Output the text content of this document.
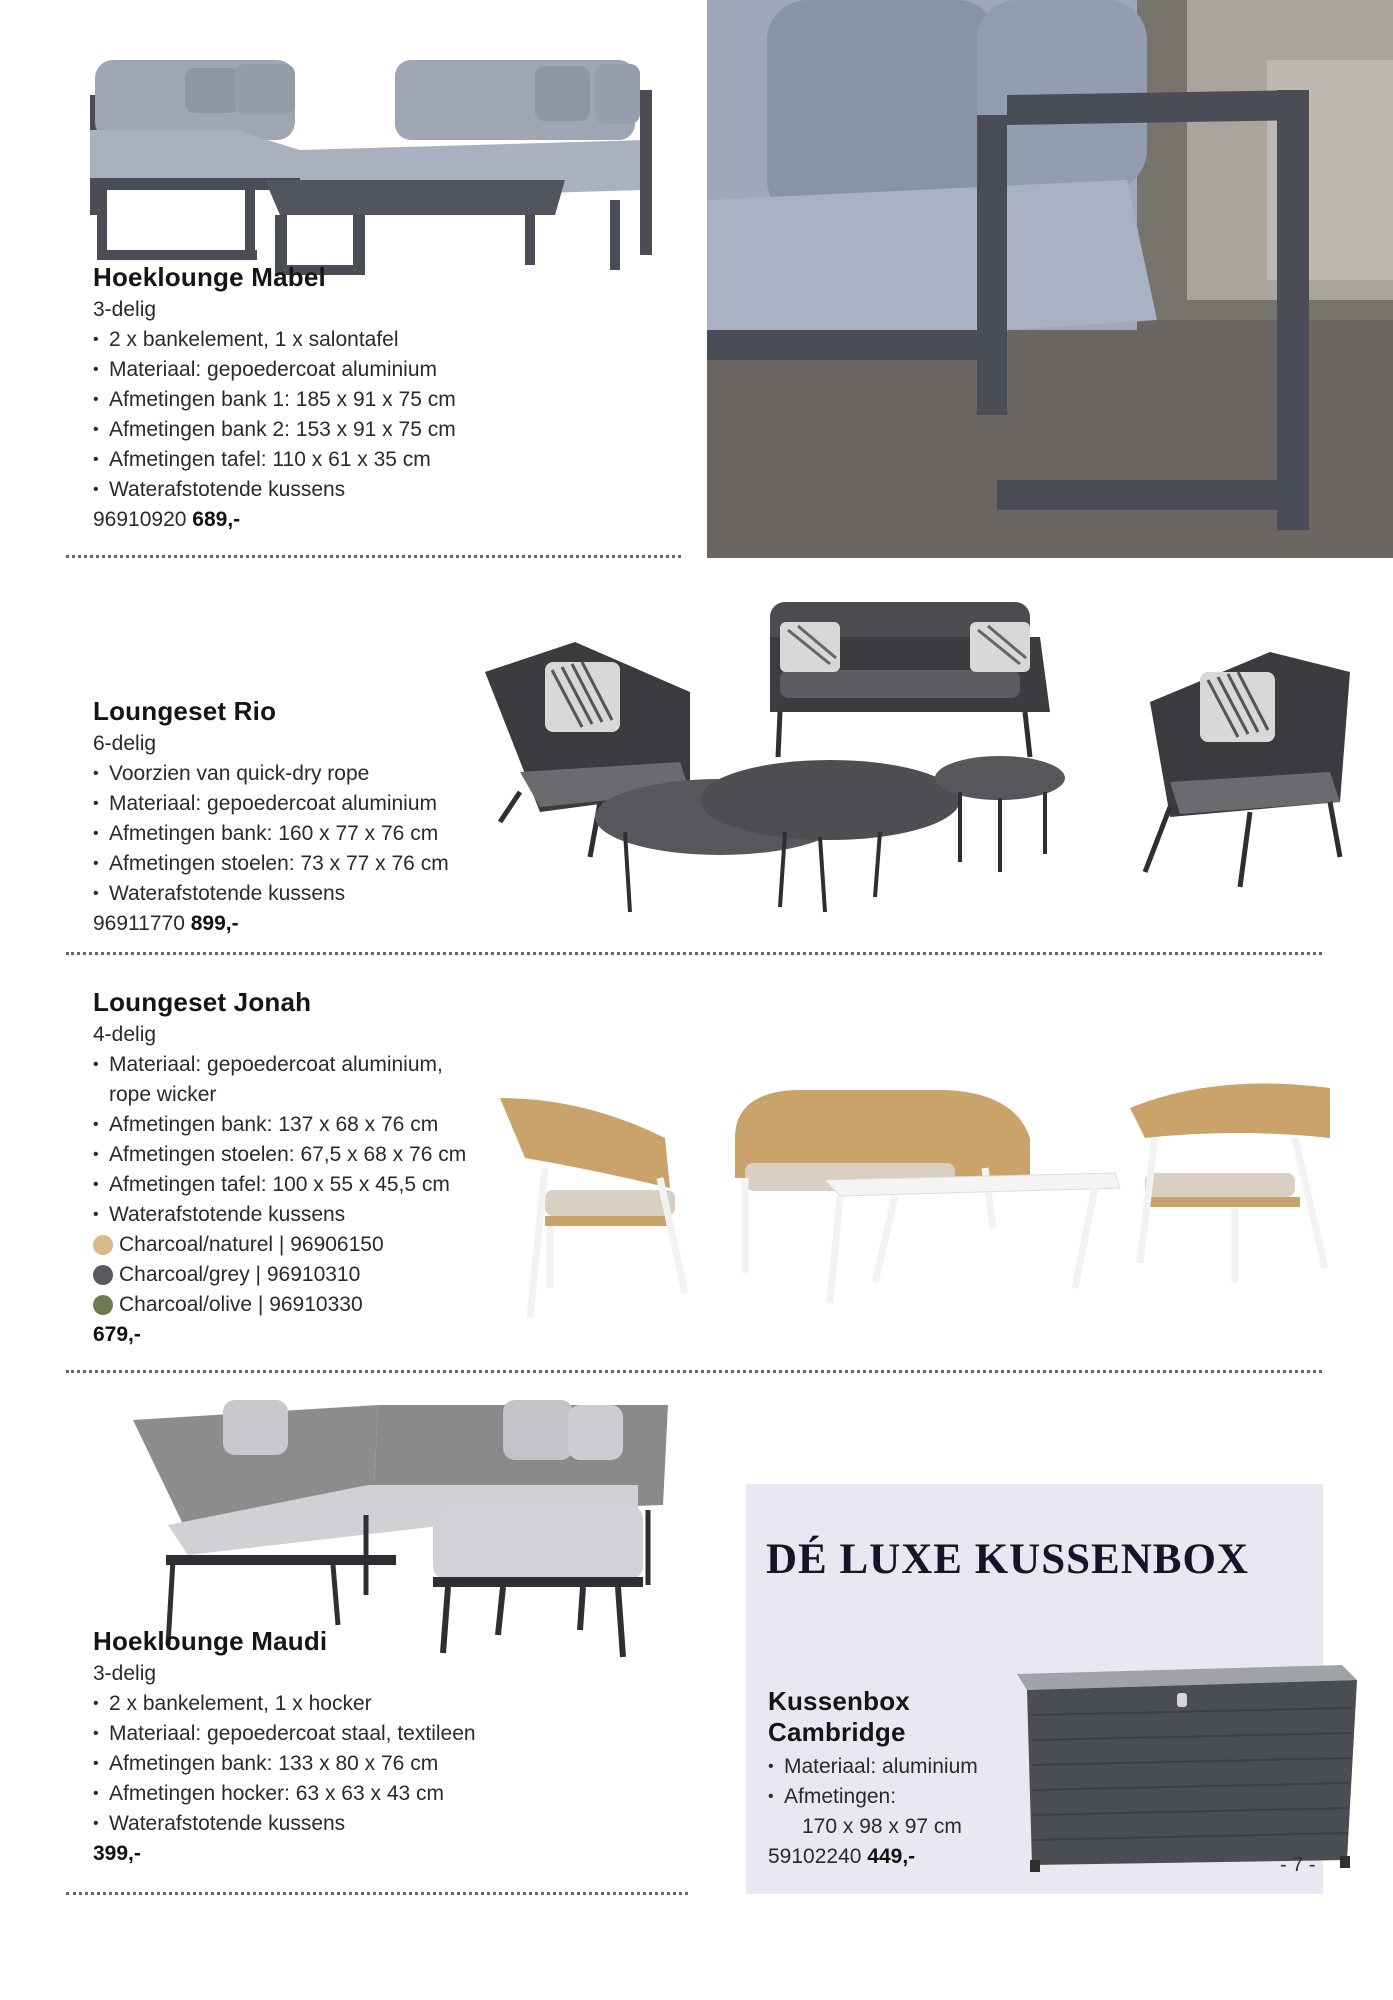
Hoeklounge Mabel
3-delig
• 2 x bankelement, 1 x salontafel
• Materiaal: gepoedercoat aluminium
• Afmetingen bank 1: 185 x 91 x 75 cm
• Afmetingen bank 2: 153 x 91 x 75 cm
• Afmetingen tafel: 110 x 61 x 35 cm
• Waterafstotende kussens
96910920 689,-
Loungeset Rio
6-delig
• Voorzien van quick-dry rope
• Materiaal: gepoedercoat aluminium
• Afmetingen bank: 160 x 77 x 76 cm
• Afmetingen stoelen: 73 x 77 x 76 cm
• Waterafstotende kussens
96911770 899,-
Loungeset Jonah
4-delig
• Materiaal: gepoedercoat aluminium,
rope wicker
• Afmetingen bank: 137 x 68 x 76 cm
• Afmetingen stoelen: 67,5 x 68 x 76 cm
• Afmetingen tafel: 100 x 55 x 45,5 cm
• Waterafstotende kussens
Charcoal/naturel | 96906150
Charcoal/grey | 96910310
Charcoal/olive | 96910330
679,-
Hoeklounge Maudi
3-delig
• 2 x bankelement, 1 x hocker
• Materiaal: gepoedercoat staal, textileen
• Afmetingen bank: 133 x 80 x 76 cm
• Afmetingen hocker: 63 x 63 x 43 cm
• Waterafstotende kussens
399,-
DÉ LUXE KUSSENBOX
Kussenbox
Cambridge
• Materiaal: aluminium
• Afmetingen:
170 x 98 x 97 cm
59102240 449,-	- 7 -
